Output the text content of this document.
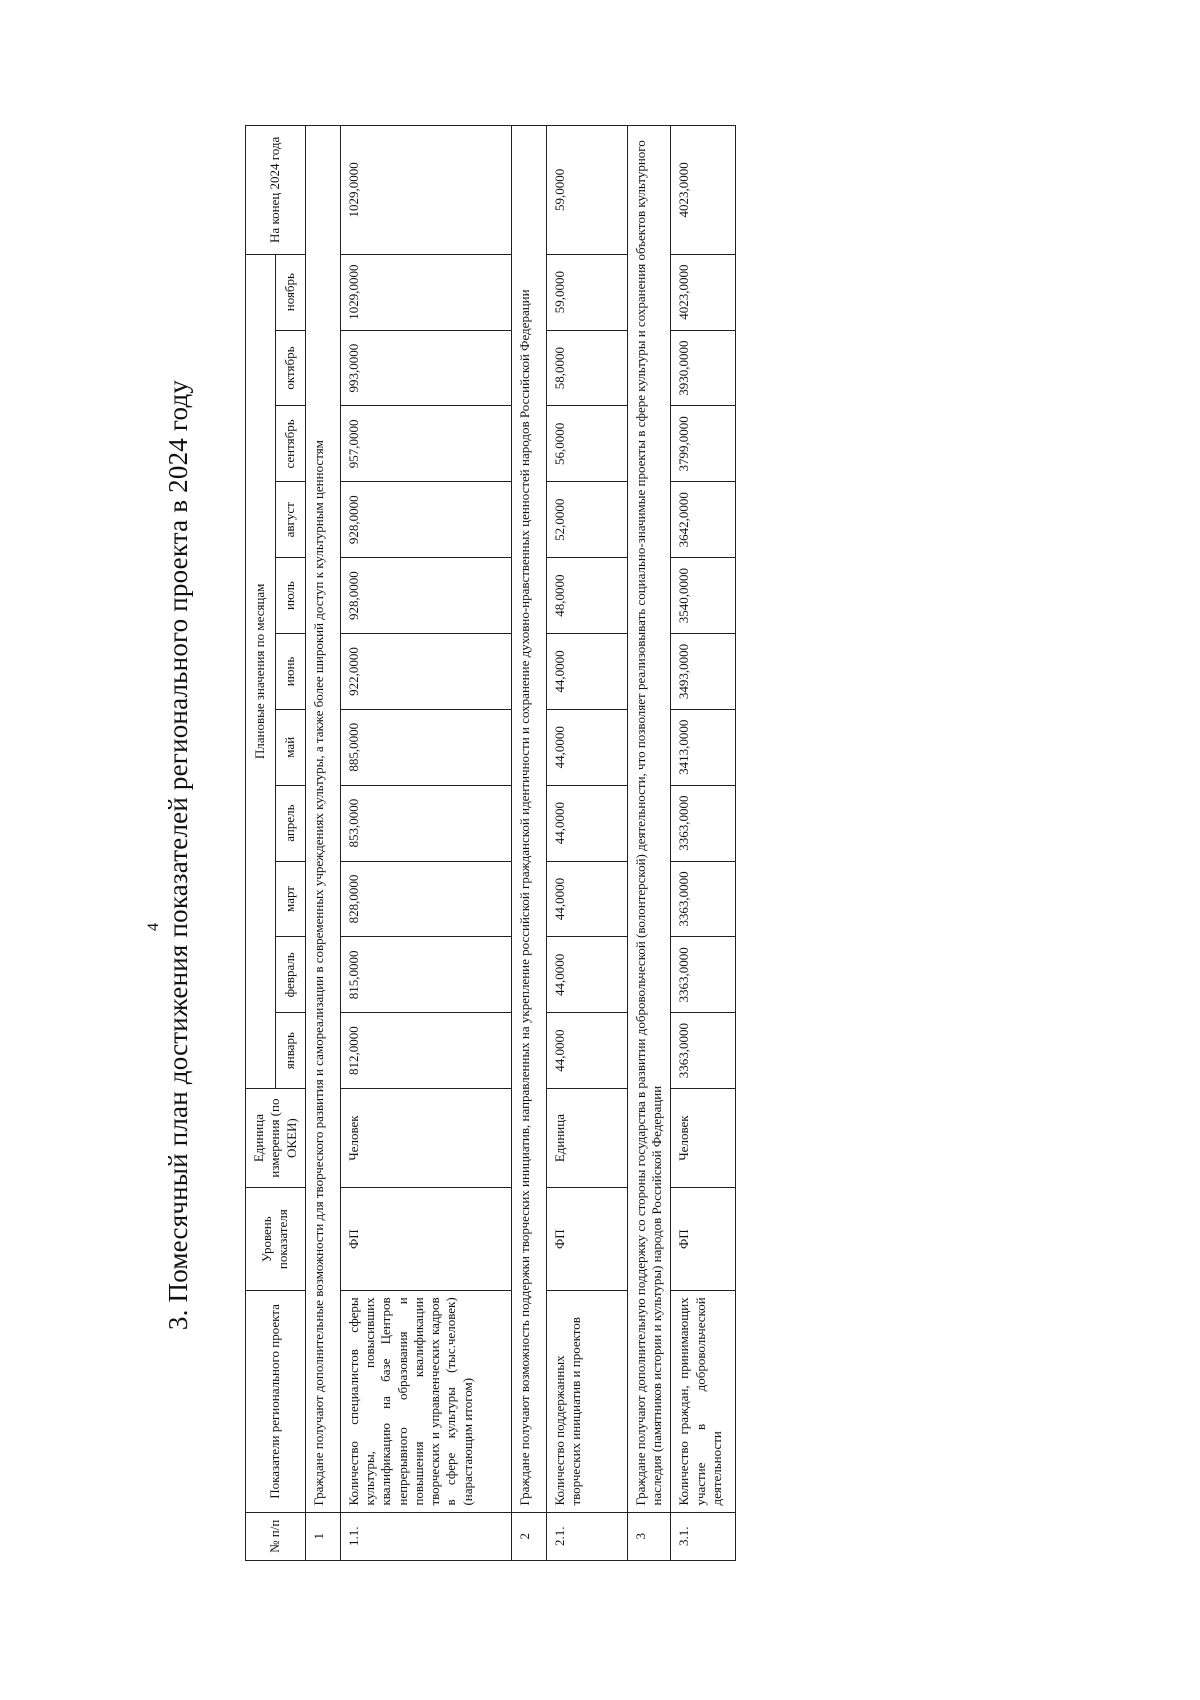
4 3. Помесячный план достижения показателей регионального проекта в 2024 году
№ п/п	Показатели регионального проекта	Уровень показателя	Единица измерения (по ОКЕИ)	Плановые значения по месяцам											На конец 2024 года
				январь	февраль	март	апрель	май	июнь	июль	август	сентябрь	октябрь	ноябрь	
1	Граждане получают дополнительные возможности для творческого развития и самореализации в современных учреждениях культуры, а также более широкий доступ к культурным ценностям														
1.1.	Количество специалистов сферы культуры, повысивших квалификацию на базе Центров непрерывного образования и повышения квалификации творческих и управленческих кадров в сфере культуры (тыс.человек) (нарастающим итогом)	ФП	Человек	812,0000	815,0000	828,0000	853,0000	885,0000	922,0000	928,0000	928,0000	957,0000	993,0000	1029,0000	1029,0000
2	Граждане получают возможность поддержки творческих инициатив, направленных на укрепление российской гражданской идентичности и сохранение духовно-нравственных ценностей народов Российской Федерации														
2.1.	Количество поддержанных творческих инициатив и проектов	ФП	Единица	44,0000	44,0000	44,0000	44,0000	44,0000	44,0000	48,0000	52,0000	56,0000	58,0000	59,0000	59,0000
3	Граждане получают дополнительную поддержку со стороны государства в развитии добровольческой (волонтерской) деятельности, что позволяет реализовывать социально-значимые проекты в сфере культуры и сохранения объектов культурного наследия (памятников истории и культуры) народов Российской Федерации														
3.1.	Количество граждан, принимающих участие в добровольческой деятельности	ФП	Человек	3363,0000	3363,0000	3363,0000	3363,0000	3413,0000	3493,0000	3540,0000	3642,0000	3799,0000	3930,0000	4023,0000	4023,0000
